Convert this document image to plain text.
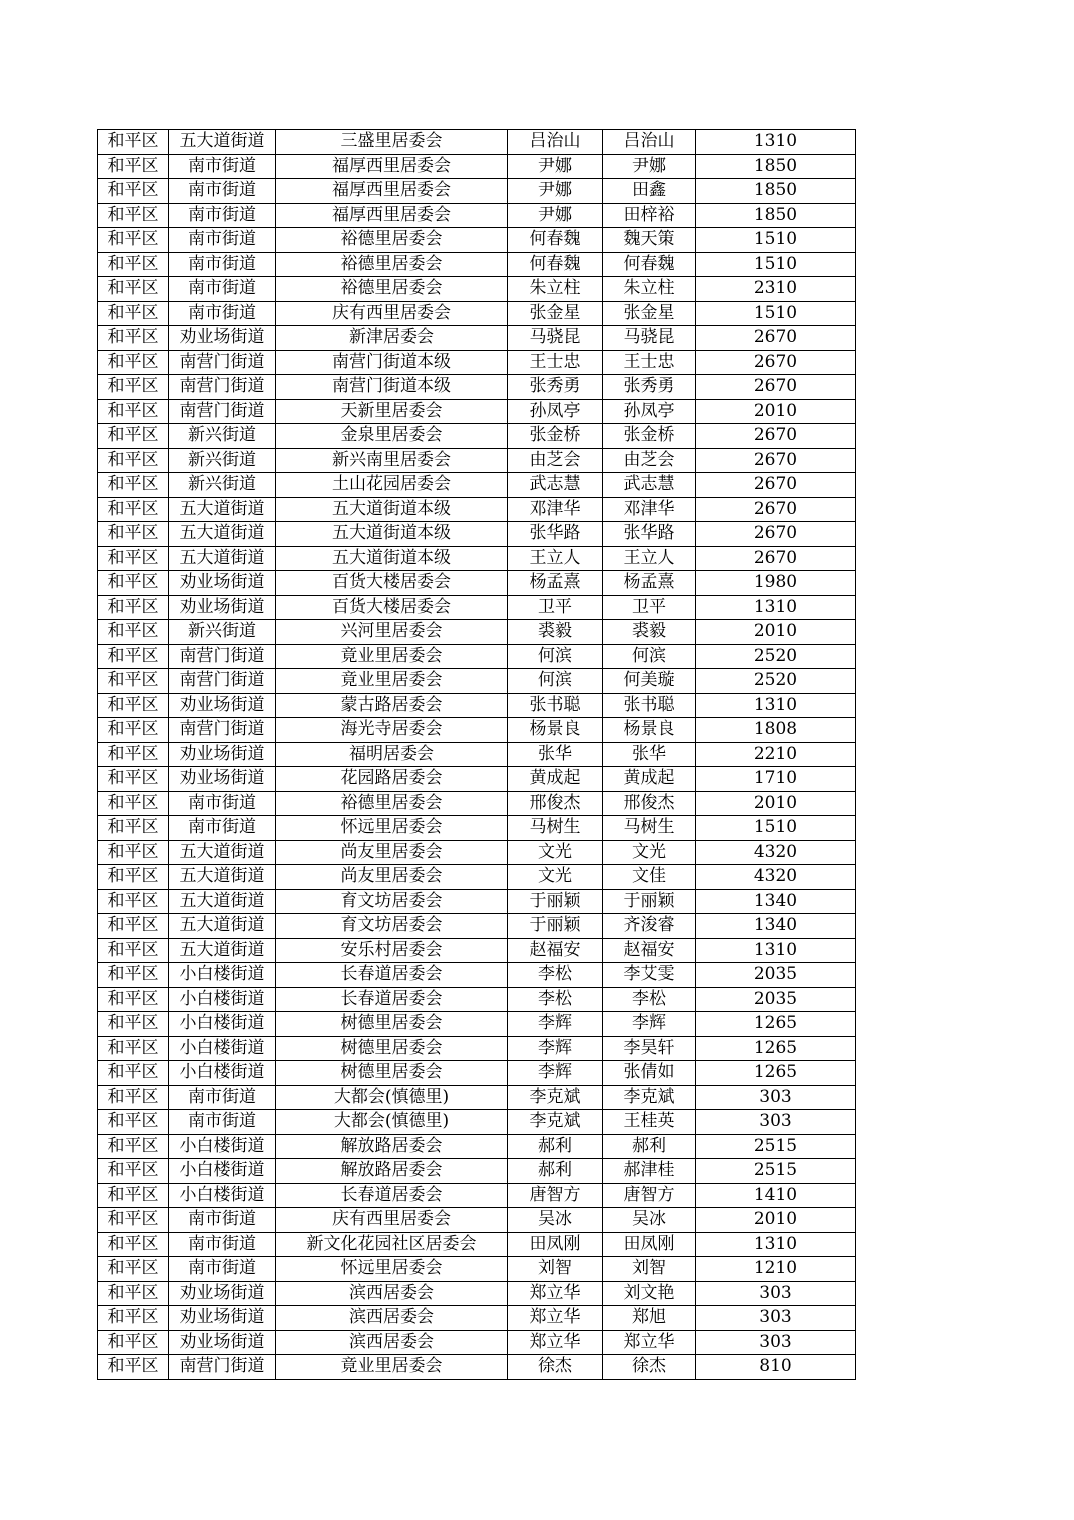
和平区	五大道街道	三盛里居委会	吕治山	吕治山	1310
和平区	南市街道	福厚西里居委会	尹娜	尹娜	1850
和平区	南市街道	福厚西里居委会	尹娜	田鑫	1850
和平区	南市街道	福厚西里居委会	尹娜	田梓裕	1850
和平区	南市街道	裕德里居委会	何春魏	魏天策	1510
和平区	南市街道	裕德里居委会	何春魏	何春魏	1510
和平区	南市街道	裕德里居委会	朱立柱	朱立柱	2310
和平区	南市街道	庆有西里居委会	张金星	张金星	1510
和平区	劝业场街道	新津居委会	马骁昆	马骁昆	2670
和平区	南营门街道	南营门街道本级	王士忠	王士忠	2670
和平区	南营门街道	南营门街道本级	张秀勇	张秀勇	2670
和平区	南营门街道	天新里居委会	孙凤亭	孙凤亭	2010
和平区	新兴街道	金泉里居委会	张金桥	张金桥	2670
和平区	新兴街道	新兴南里居委会	由芝会	由芝会	2670
和平区	新兴街道	土山花园居委会	武志慧	武志慧	2670
和平区	五大道街道	五大道街道本级	邓津华	邓津华	2670
和平区	五大道街道	五大道街道本级	张华路	张华路	2670
和平区	五大道街道	五大道街道本级	王立人	王立人	2670
和平区	劝业场街道	百货大楼居委会	杨孟熹	杨孟熹	1980
和平区	劝业场街道	百货大楼居委会	卫平	卫平	1310
和平区	新兴街道	兴河里居委会	裘毅	裘毅	2010
和平区	南营门街道	竟业里居委会	何滨	何滨	2520
和平区	南营门街道	竟业里居委会	何滨	何美璇	2520
和平区	劝业场街道	蒙古路居委会	张书聪	张书聪	1310
和平区	南营门街道	海光寺居委会	杨景良	杨景良	1808
和平区	劝业场街道	福明居委会	张华	张华	2210
和平区	劝业场街道	花园路居委会	黄成起	黄成起	1710
和平区	南市街道	裕德里居委会	邢俊杰	邢俊杰	2010
和平区	南市街道	怀远里居委会	马树生	马树生	1510
和平区	五大道街道	尚友里居委会	文光	文光	4320
和平区	五大道街道	尚友里居委会	文光	文佳	4320
和平区	五大道街道	育文坊居委会	于丽颖	于丽颖	1340
和平区	五大道街道	育文坊居委会	于丽颖	齐浚睿	1340
和平区	五大道街道	安乐村居委会	赵福安	赵福安	1310
和平区	小白楼街道	长春道居委会	李松	李艾雯	2035
和平区	小白楼街道	长春道居委会	李松	李松	2035
和平区	小白楼街道	树德里居委会	李辉	李辉	1265
和平区	小白楼街道	树德里居委会	李辉	李昊轩	1265
和平区	小白楼街道	树德里居委会	李辉	张倩如	1265
和平区	南市街道	大都会(慎德里)	李克斌	李克斌	303
和平区	南市街道	大都会(慎德里)	李克斌	王桂英	303
和平区	小白楼街道	解放路居委会	郝利	郝利	2515
和平区	小白楼街道	解放路居委会	郝利	郝津桂	2515
和平区	小白楼街道	长春道居委会	唐智方	唐智方	1410
和平区	南市街道	庆有西里居委会	吴冰	吴冰	2010
和平区	南市街道	新文化花园社区居委会	田凤刚	田凤刚	1310
和平区	南市街道	怀远里居委会	刘智	刘智	1210
和平区	劝业场街道	滨西居委会	郑立华	刘文艳	303
和平区	劝业场街道	滨西居委会	郑立华	郑旭	303
和平区	劝业场街道	滨西居委会	郑立华	郑立华	303
和平区	南营门街道	竟业里居委会	徐杰	徐杰	810
